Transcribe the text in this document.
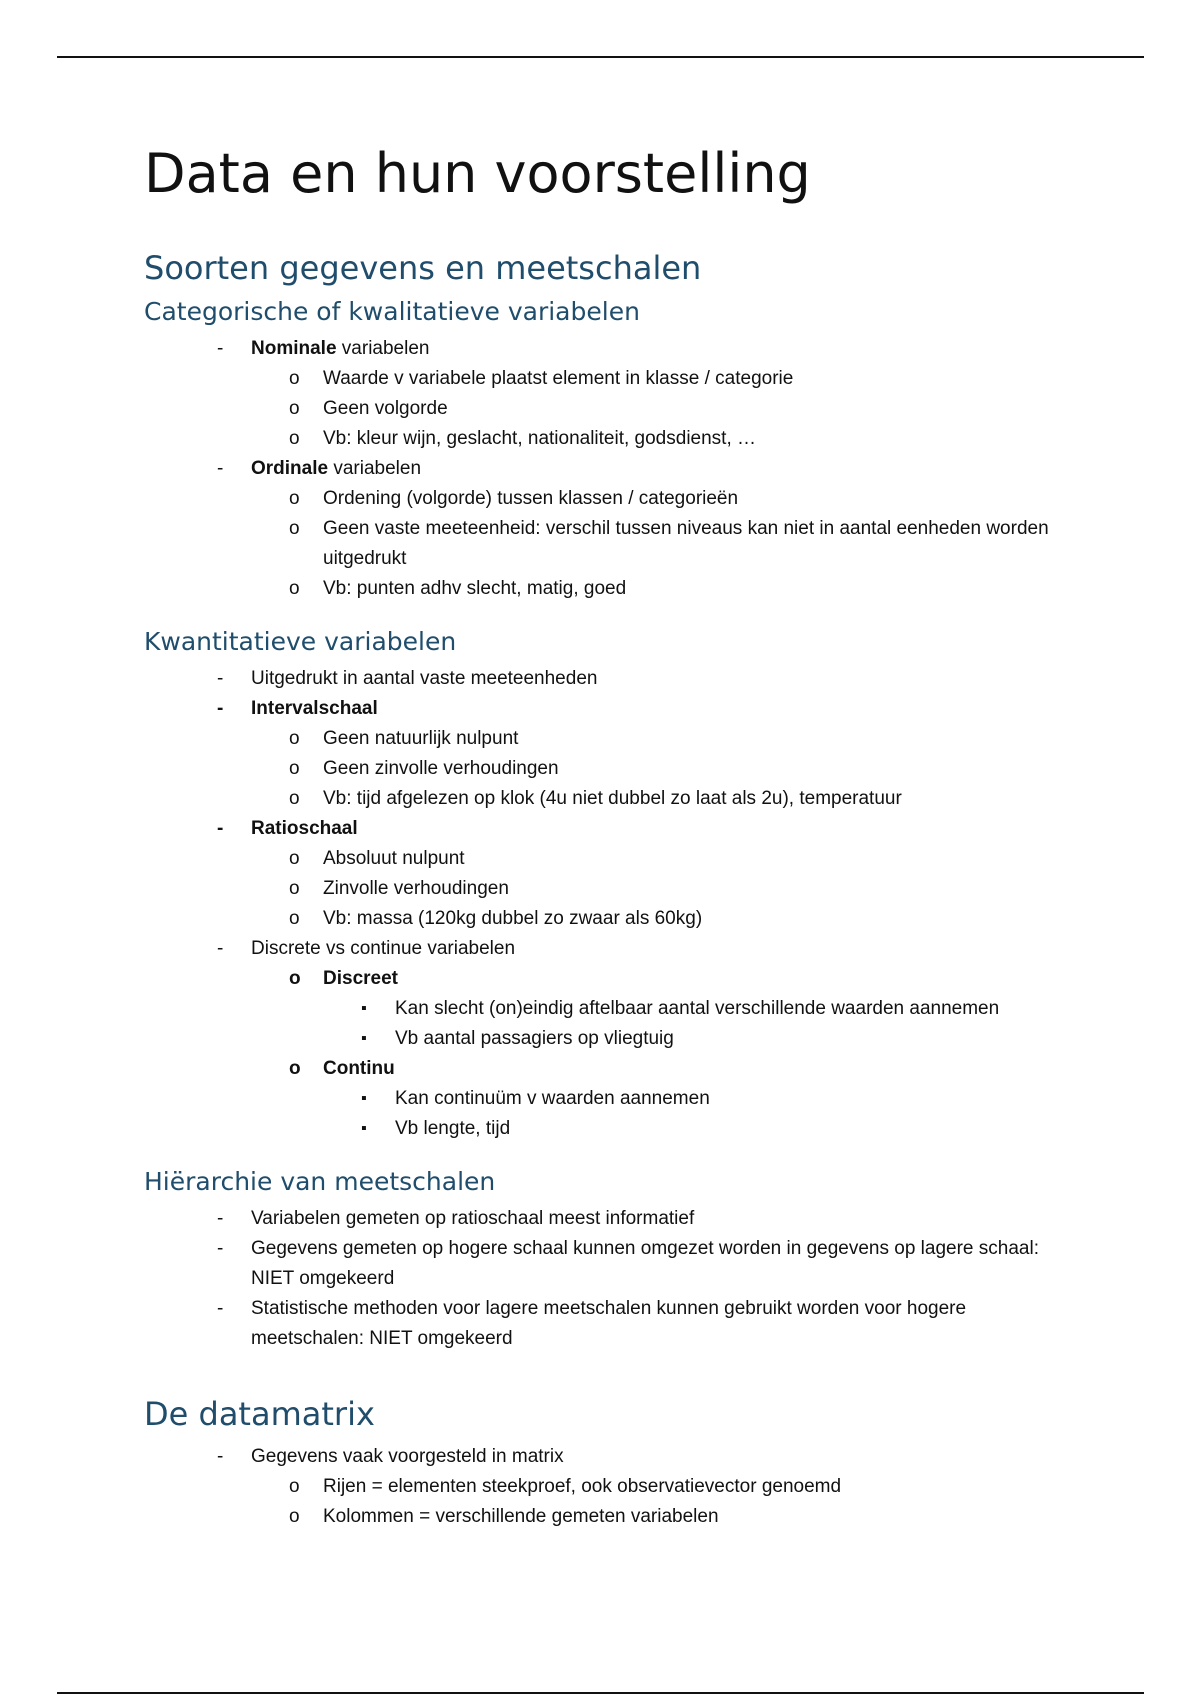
Data en hun voorstelling
Soorten gegevens en meetschalen
Categorische of kwalitatieve variabelen
- Nominale variabelen
o Waarde v variabele plaatst element in klasse / categorie
o Geen volgorde
o Vb: kleur wijn, geslacht, nationaliteit, godsdienst, …
- Ordinale variabelen
o Ordening (volgorde) tussen klassen / categorieën
o Geen vaste meeteenheid: verschil tussen niveaus kan niet in aantal eenheden worden uitgedrukt
o Vb: punten adhv slecht, matig, goed
Kwantitatieve variabelen
- Uitgedrukt in aantal vaste meeteenheden
- Intervalschaal
o Geen natuurlijk nulpunt
o Geen zinvolle verhoudingen
o Vb: tijd afgelezen op klok (4u niet dubbel zo laat als 2u), temperatuur
- Ratioschaal
o Absoluut nulpunt
o Zinvolle verhoudingen
o Vb: massa (120kg dubbel zo zwaar als 60kg)
- Discrete vs continue variabelen
o Discreet
▪ Kan slecht (on)eindig aftelbaar aantal verschillende waarden aannemen
▪ Vb aantal passagiers op vliegtuig
o Continu
▪ Kan continuüm v waarden aannemen
▪ Vb lengte, tijd
Hiërarchie van meetschalen
- Variabelen gemeten op ratioschaal meest informatief
- Gegevens gemeten op hogere schaal kunnen omgezet worden in gegevens op lagere schaal: NIET omgekeerd
- Statistische methoden voor lagere meetschalen kunnen gebruikt worden voor hogere meetschalen: NIET omgekeerd
De datamatrix
- Gegevens vaak voorgesteld in matrix
o Rijen = elementen steekproef, ook observatievector genoemd
o Kolommen = verschillende gemeten variabelen
